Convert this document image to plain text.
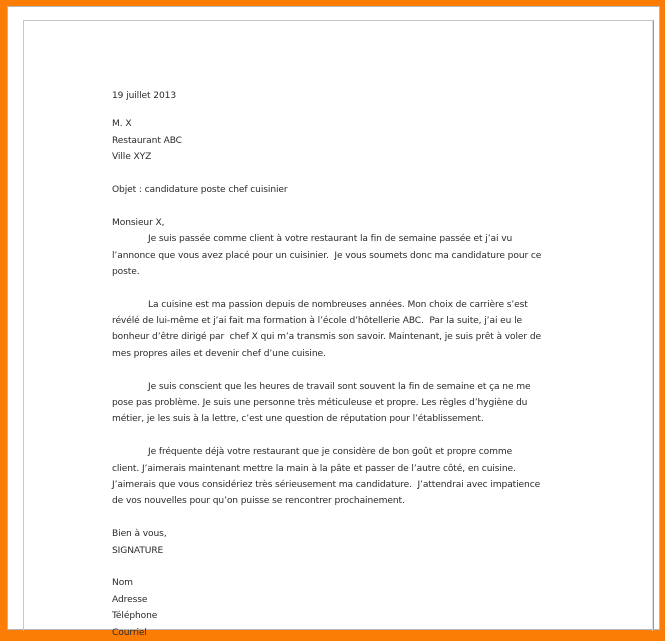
19 juillet 2013
M. X
Restaurant ABC
Ville XYZ
Objet : candidature poste chef cuisinier
Monsieur X,
Je suis passée comme client à votre restaurant la fin de semaine passée et j’ai vu
l’annonce que vous avez placé pour un cuisinier.  Je vous soumets donc ma candidature pour ce
poste.
La cuisine est ma passion depuis de nombreuses années. Mon choix de carrière s’est
révélé de lui-même et j’ai fait ma formation à l’école d’hôtellerie ABC.  Par la suite, j’ai eu le
bonheur d’être dirigé par  chef X qui m’a transmis son savoir. Maintenant, je suis prêt à voler de
mes propres ailes et devenir chef d’une cuisine.
Je suis conscient que les heures de travail sont souvent la fin de semaine et ça ne me
pose pas problème. Je suis une personne très méticuleuse et propre. Les règles d’hygiène du
métier, je les suis à la lettre, c’est une question de réputation pour l’établissement.
Je fréquente déjà votre restaurant que je considère de bon goût et propre comme
client. J’aimerais maintenant mettre la main à la pâte et passer de l’autre côté, en cuisine.
J’aimerais que vous considériez très sérieusement ma candidature.  J’attendrai avec impatience
de vos nouvelles pour qu’on puisse se rencontrer prochainement.
Bien à vous,
SIGNATURE
Nom
Adresse
Téléphone
Courriel
